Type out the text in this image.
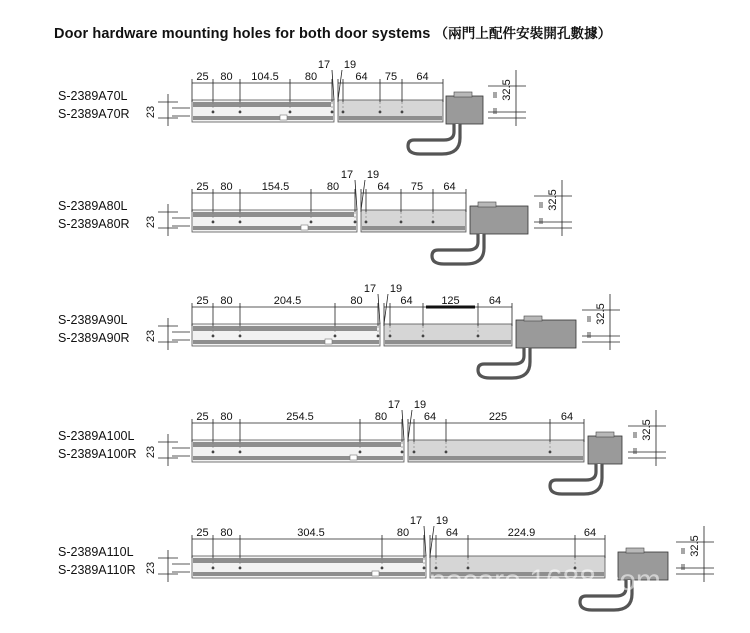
Door hardware mounting holes for both door systems （兩門上配件安裝開孔數據）
25 80 104.5 80	64 75 64
17 19
S-2389A70L
S-2389A70R 23
32.5
25 80	154.5	80	64 75 64
17 19
S-2389A80L
S-2389A80R 23
32.5
25 80	204.5	80	64	125	64
17 19
S-2389A90L
S-2389A90R 23
32.5
25 80	254.5	80	64	225	64
17 19
S-2389A100L
S-2389A100R 23
32.5
25 80	304.5	80	64	224.9	64
17 19
S-2389A110L
S-2389A110R 23
32.5
nocare 1688 com
